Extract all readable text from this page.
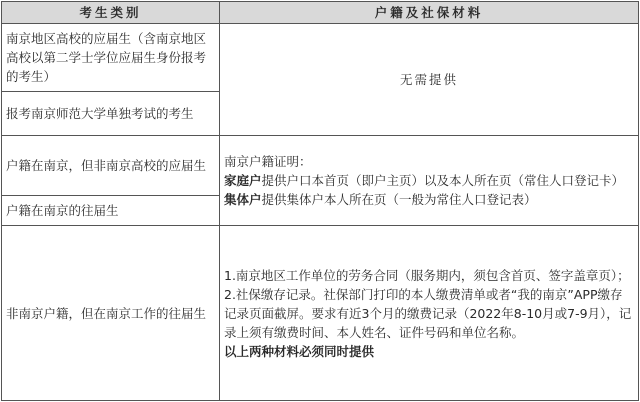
考生类别	户籍及社保材料
南京地区高校的应届生（含南京地区高校以第二学士学位应届生身份报考的考生）	无需提供
报考南京师范大学单独考试的考生	
户籍在南京，但非南京高校的应届生	南京户籍证明：
家庭户提供户口本首页（即户主页）以及本人所在页（常住人口登记卡）
集体户提供集体户本人所在页（一般为常住人口登记表）

户籍在南京的往届生	
非南京户籍，但在南京工作的往届生	1.南京地区工作单位的劳务合同（服务期内，须包含首页、签字盖章页）；
2.社保缴存记录。社保部门打印的本人缴费清单或者“我的南京”APP缴存记录页面截屏。要求有近3个月的缴费记录（2022年8-10月或7-9月），记录上须有缴费时间、本人姓名、证件号码和单位名称。
以上两种材料必须同时提供
